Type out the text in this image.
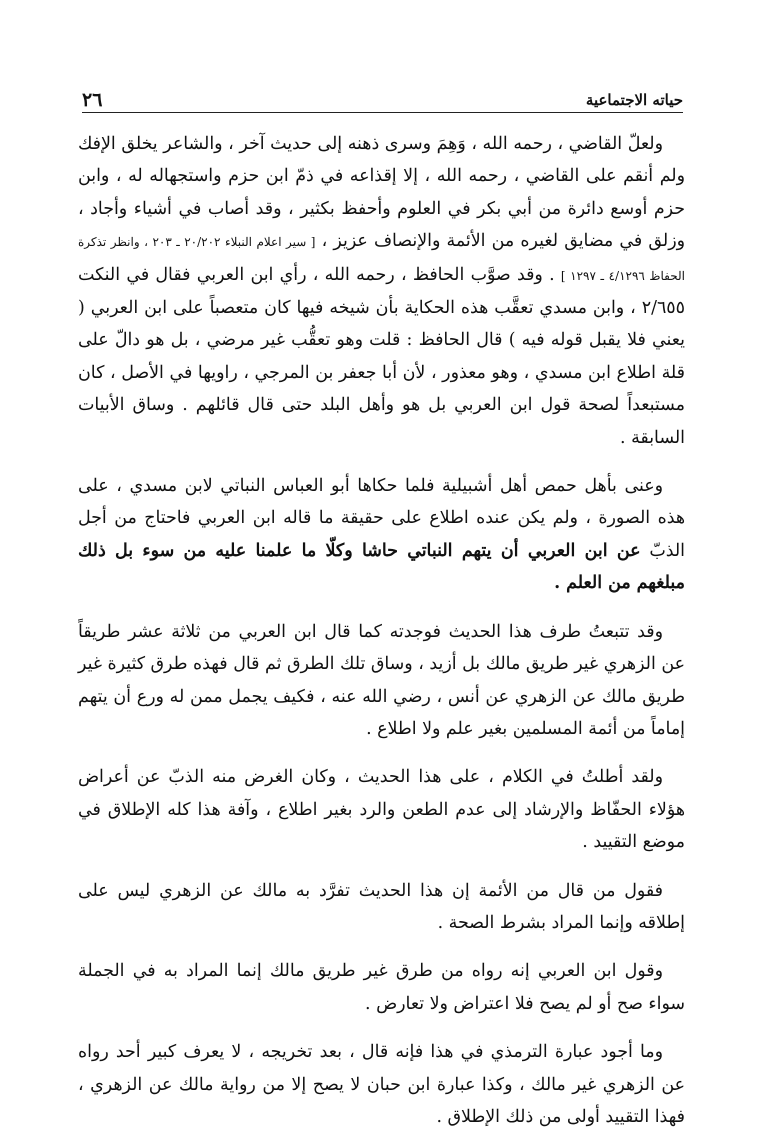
حياته الاجتماعية
٢٦

ولعلّ القاضي ، رحمه الله ، وَهِمَ وسرى ذهنه إلى حديث آخر ، والشاعر يخلق الإفك ولم أنقم على القاضي ، رحمه الله ، إلا إقذاعه في ذمّ ابن حزم واستجهاله له ، وابن حزم أوسع دائرة من أبي بكر في العلوم وأحفظ بكثير ، وقد أصاب في أشياء وأجاد ، وزلق في مضايق لغيره من الأئمة والإنصاف عزيز ، [ سير اعلام النبلاء ٢٠/٢٠٢ ـ ٢٠٣ ، وانظر تذكرة الحفاظ ٤/١٢٩٦ ـ ١٢٩٧ ] . وقد صوَّب الحافظ ، رحمه الله ، رأي ابن العربي فقال في النكت ٢/٦٥٥ ، وابن مسدي تعقَّب هذه الحكاية بأن شيخه فيها كان متعصباً على ابن العربي ( يعني فلا يقبل قوله فيه ) قال الحافظ : قلت وهو تعقُّب غير مرضي ، بل هو دالّ على قلة اطلاع ابن مسدي ، وهو معذور ، لأن أبا جعفر بن المرجي ، راويها في الأصل ، كان مستبعداً لصحة قول ابن العربي بل هو وأهل البلد حتى قال قائلهم . وساق الأبيات السابقة .

وعنى بأهل حمص أهل أشبيلية فلما حكاها أبو العباس النباتي لابن مسدي ، على هذه الصورة ، ولم يكن عنده اطلاع على حقيقة ما قاله ابن العربي فاحتاج من أجل الذبّ عن ابن العربي أن يتهم النباتي حاشا وكلّا ما علمنا عليه من سوء بل ذلك مبلغهم من العلم .

وقد تتبعتُ طرف هذا الحديث فوجدته كما قال ابن العربي من ثلاثة عشر طريقاً عن الزهري غير طريق مالك بل أزيد ، وساق تلك الطرق ثم قال فهذه طرق كثيرة غير طريق مالك عن الزهري عن أنس ، رضي الله عنه ، فكيف يجمل ممن له ورع أن يتهم إماماً من أئمة المسلمين بغير علم ولا اطلاع .

ولقد أطلتُ في الكلام ، على هذا الحديث ، وكان الغرض منه الذبّ عن أعراض هؤلاء الحفّاظ والإرشاد إلى عدم الطعن والرد بغير اطلاع ، وآفة هذا كله الإطلاق في موضع التقييد .

فقول من قال من الأئمة إن هذا الحديث تفرَّد به مالك عن الزهري ليس على إطلاقه وإنما المراد بشرط الصحة .

وقول ابن العربي إنه رواه من طرق غير طريق مالك إنما المراد به في الجملة سواء صح أو لم يصح فلا اعتراض ولا تعارض .

وما أجود عبارة الترمذي في هذا فإنه قال ، بعد تخريجه ، لا يعرف كبير أحد رواه عن الزهري غير مالك ، وكذا عبارة ابن حبان لا يصح إلا من رواية مالك عن الزهري ، فهذا التقييد أولى من ذلك الإطلاق .
